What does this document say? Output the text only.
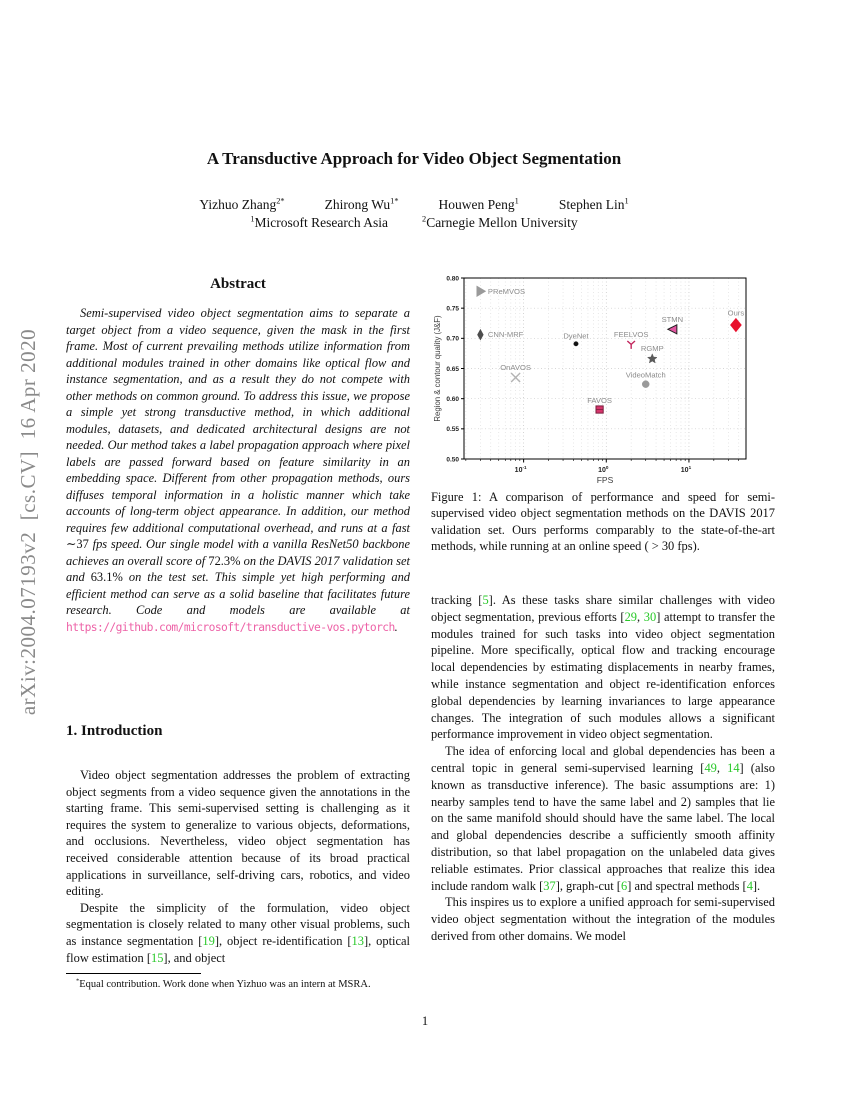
arXiv:2004.07193v2  [cs.CV]  16 Apr 2020
A Transductive Approach for Video Object Segmentation
Yizhuo Zhang$^{2*}$	Zhirong $Wu^{1*}$	Houwen Peng$^1$	Stephen Lin$^1$
$^1$Microsoft Research Asia	$^2$Carnegie Mellon University
Abstract

Semi-supervised video object segmentation aims to separate a target object from a video sequence, given the mask in the first frame. Most of current prevailing methods utilize information from additional modules trained in other domains like optical flow and instance segmentation, and as a result they do not compete with other methods on common ground. To address this issue, we propose a simple yet strong transductive method, in which additional modules, datasets, and dedicated architectural designs are not needed. Our method takes a label propagation approach where pixel labels are passed forward based on feature similarity in an embedding space. Different from other propagation methods, ours diffuses temporal information in a holistic manner which take accounts of long-term object appearance. In addition, our method requires few additional computational overhead, and runs at a fast ∼37 fps speed. Our single model with a vanilla ResNet50 backbone achieves an overall score of 72.3% on the DAVIS 2017 validation set and 63.1% on the test set. This simple yet high performing and efficient method can serve as a solid baseline that facilitates future research. Code and models are available at https://github.com/microsoft/transductive-vos.pytorch.

1. Introduction

Video object segmentation addresses the problem of extracting object segments from a video sequence given the annotations in the starting frame. This semi-supervised setting is challenging as it requires the system to generalize to various objects, deformations, and occlusions. Nevertheless, video object segmentation has received considerable attention because of its broad practical applications in surveillance, self-driving cars, robotics, and video editing.

Despite the simplicity of the formulation, video object segmentation is closely related to many other visual problems, such as instance segmentation [19], object re-identification [13], optical flow estimation [15], and object

*Equal contribution. Work done when Yizhuo was an intern at MSRA.
0.50
0.55
0.60
0.65
0.70
0.75
0.80
$10^{-1}$	$10^0$	$10^1$
FPS
Region & contour quality (J&F)
PReMVOS
CNN-MRF
OnAVOS
DyeNet
FAVOS
FEELVOS
RGMP
VideoMatch
STMN
Ours
Figure 1: A comparison of performance and speed for semi-supervised video object segmentation methods on the DAVIS 2017 validation set. Ours performs comparably to the state-of-the-art methods, while running at an online speed ( > 30 fps).

tracking [5]. As these tasks share similar challenges with video object segmentation, previous efforts [29, 30] attempt to transfer the modules trained for such tasks into video object segmentation pipeline. More specifically, optical flow and tracking encourage local dependencies by estimating displacements in nearby frames, while instance segmentation and object re-identification enforces global dependencies by learning invariances to large appearance changes. The integration of such modules allows a significant performance improvement in video object segmentation.

The idea of enforcing local and global dependencies has been a central topic in general semi-supervised learning [49, 14] (also known as transductive inference). The basic assumptions are: 1) nearby samples tend to have the same label and 2) samples that lie on the same manifold should should have the same label. The local and global dependencies describe a sufficiently smooth affinity distribution, so that label propagation on the unlabeled data gives reliable estimates. Prior classical approaches that realize this idea include random walk [37], graph-cut [6] and spectral methods [4].

This inspires us to explore a unified approach for semi-supervised video object segmentation without the integration of the modules derived from other domains. We model

1
